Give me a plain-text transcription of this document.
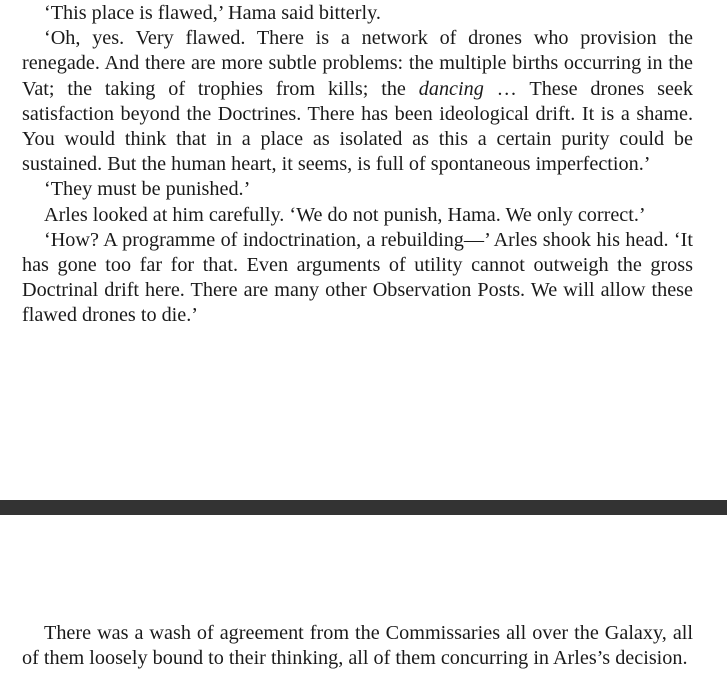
‘This place is flawed,’ Hama said bitterly.

‘Oh, yes. Very flawed. There is a network of drones who provision the renegade. And there are more subtle problems: the multiple births occurring in the Vat; the taking of trophies from kills; the dancing … These drones seek satisfaction beyond the Doctrines. There has been ideological drift. It is a shame. You would think that in a place as isolated as this a certain purity could be sustained. But the human heart, it seems, is full of spontaneous imperfection.’

‘They must be punished.’

Arles looked at him carefully. ‘We do not punish, Hama. We only correct.’

‘How? A programme of indoctrination, a rebuilding—’ Arles shook his head. ‘It has gone too far for that. Even arguments of utility cannot outweigh the gross Doctrinal drift here. There are many other Observation Posts. We will allow these flawed drones to die.’

There was a wash of agreement from the Commissaries all over the Galaxy, all of them loosely bound to their thinking, all of them concurring in Arles’s decision.
